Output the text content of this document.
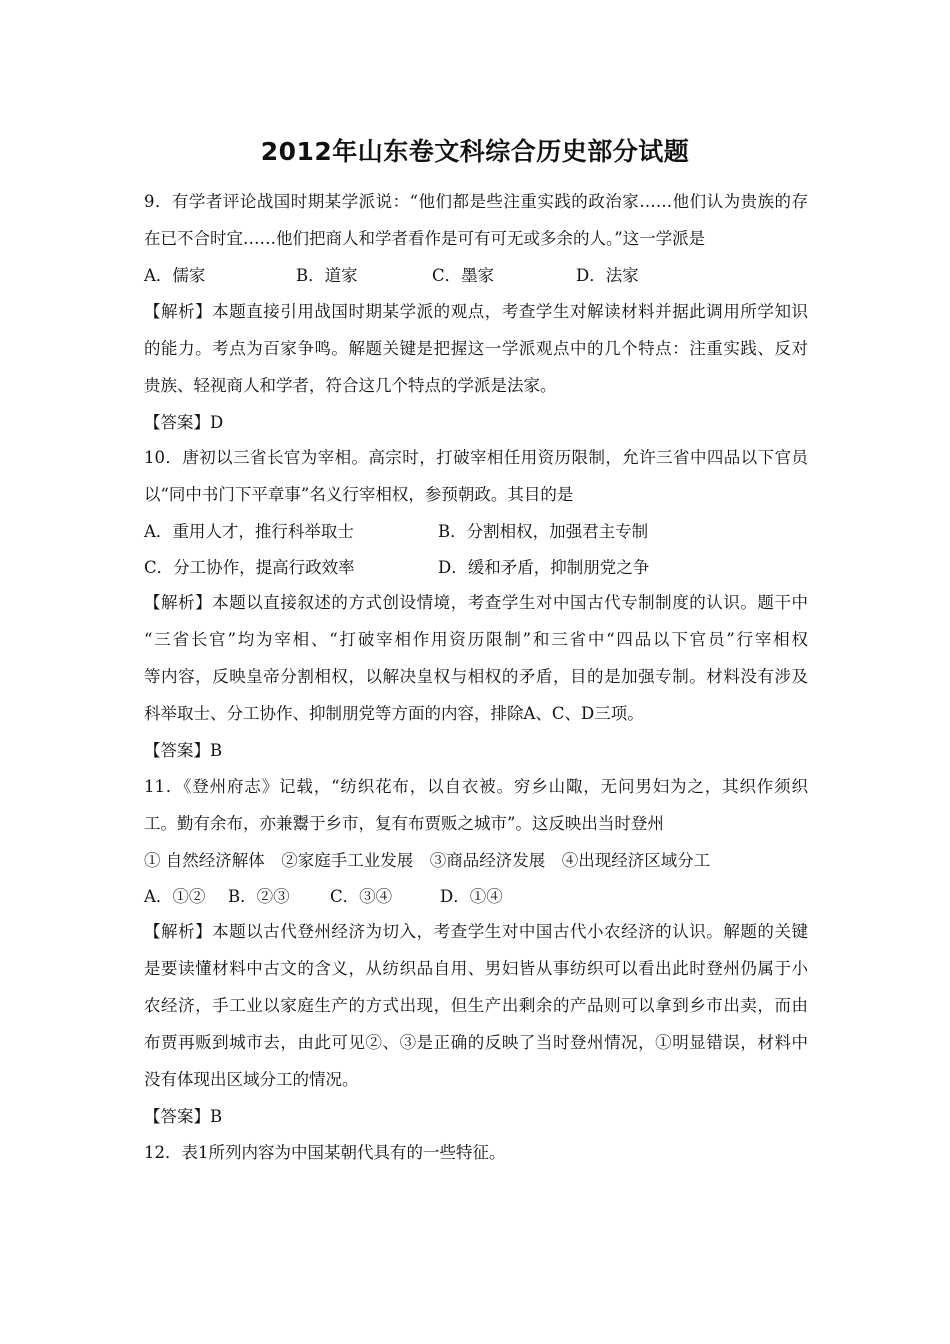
2012年山东卷文科综合历史部分试题
9．有学者评论战国时期某学派说：“他们都是些注重实践的政治家……他们认为贵族的存
在已不合时宜……他们把商人和学者看作是可有可无或多余的人。”这一学派是
A．儒家	B．道家	C．墨家	D．法家
【解析】本题直接引用战国时期某学派的观点，考查学生对解读材料并据此调用所学知识
的能力。考点为百家争鸣。解题关键是把握这一学派观点中的几个特点：注重实践、反对
贵族、轻视商人和学者，符合这几个特点的学派是法家。
【答案】D
10．唐初以三省长官为宰相。高宗时，打破宰相任用资历限制，允许三省中四品以下官员
以“同中书门下平章事”名义行宰相权，参预朝政。其目的是
A．重用人才，推行科举取士	B．分割相权，加强君主专制
C．分工协作，提高行政效率	D．缓和矛盾，抑制朋党之争
【解析】本题以直接叙述的方式创设情境，考查学生对中国古代专制制度的认识。题干中
“三省长官”均为宰相、“打破宰相作用资历限制”和三省中“四品以下官员”行宰相权
等内容，反映皇帝分割相权，以解决皇权与相权的矛盾，目的是加强专制。材料没有涉及
科举取士、分工协作、抑制朋党等方面的内容，排除A、C、D三项。
【答案】B
11．《登州府志》记载，“纺织花布，以自衣被。穷乡山陬，无问男妇为之，其织作须织
工。勤有余布，亦兼鬻于乡市，复有布贾贩之城市”。这反映出当时登州
① 自然经济解体　②家庭手工业发展　③商品经济发展　④出现经济区域分工
A．①②	B．②③	C．③④	D．①④
【解析】本题以古代登州经济为切入，考查学生对中国古代小农经济的认识。解题的关键
是要读懂材料中古文的含义，从纺织品自用、男妇皆从事纺织可以看出此时登州仍属于小
农经济，手工业以家庭生产的方式出现，但生产出剩余的产品则可以拿到乡市出卖，而由
布贾再贩到城市去，由此可见②、③是正确的反映了当时登州情况，①明显错误，材料中
没有体现出区域分工的情况。
【答案】B
12．表1所列内容为中国某朝代具有的一些特征。
